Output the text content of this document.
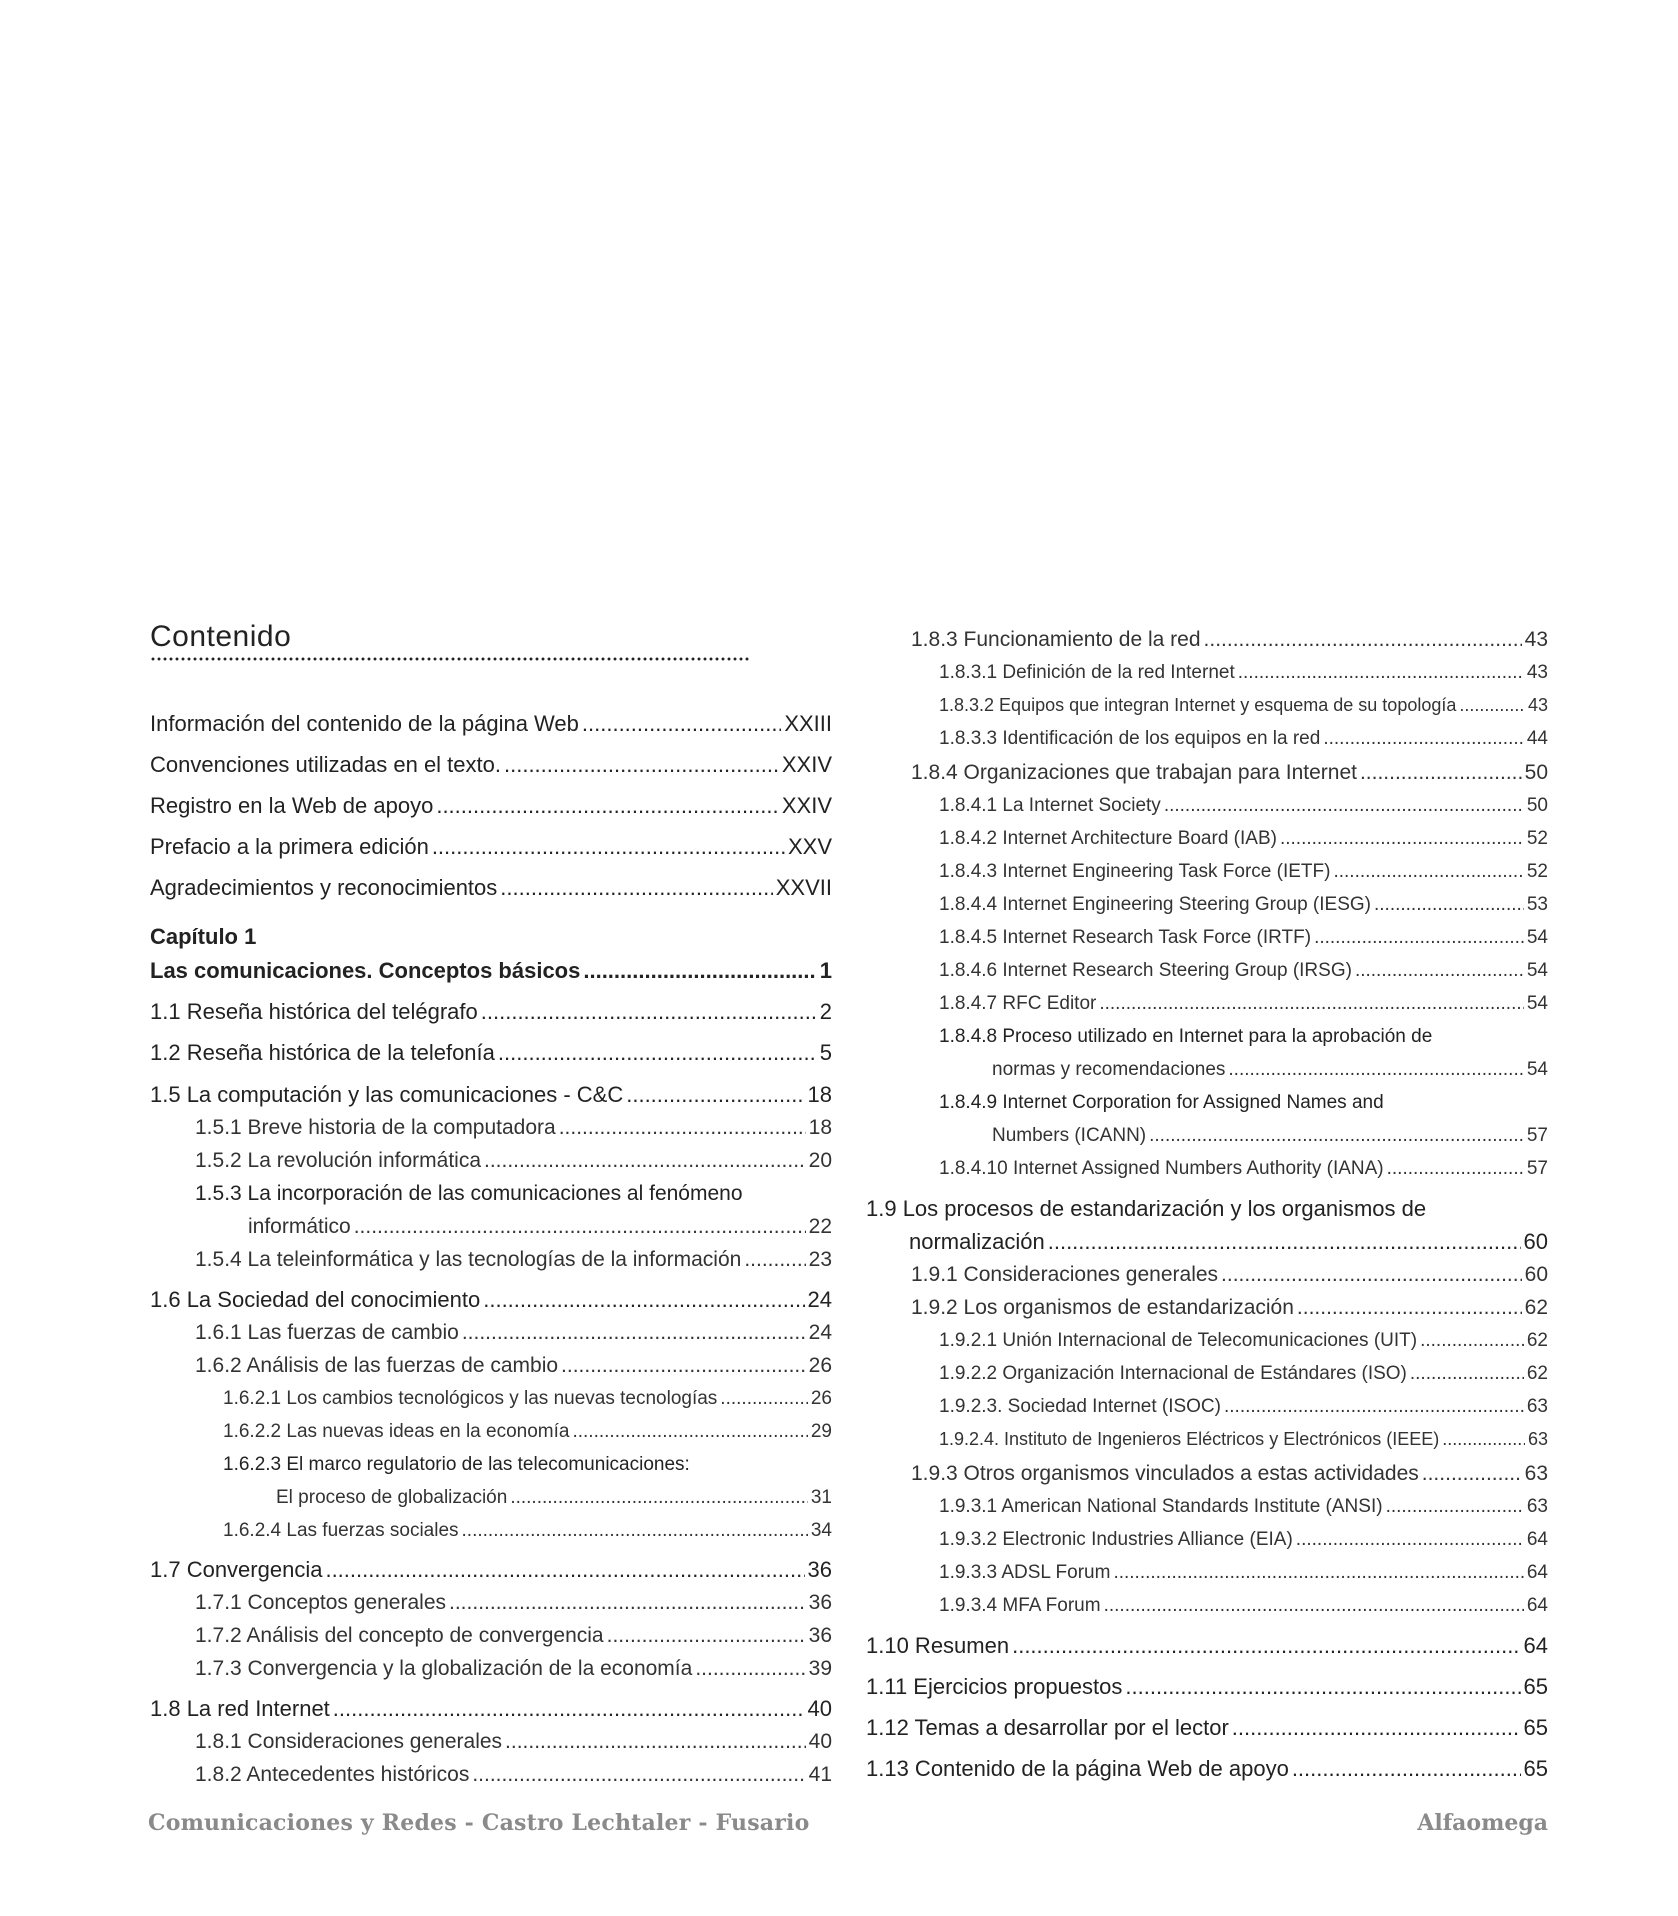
Contenido
Información del contenido de la página Web .....	XXIII
Convenciones utilizadas en el texto. .....	XXIV
Registro en la Web de apoyo .....	XXIV
Prefacio a la primera edición .....	XXV
Agradecimientos y reconocimientos .....	XXVII
Capítulo 1
Las comunicaciones. Conceptos básicos .....	1
1.1 Reseña histórica del telégrafo .....	2
1.2 Reseña histórica de la telefonía .....	5
1.5 La computación y las comunicaciones - C&C .....	18
1.5.1 Breve historia de la computadora .....	18
1.5.2 La revolución informática .....	20
1.5.3 La incorporación de las comunicaciones al fenómeno
informático .....	22
1.5.4 La teleinformática y las tecnologías de la información .....	23
1.6 La Sociedad del conocimiento .....	24
1.6.1 Las fuerzas de cambio .....	24
1.6.2 Análisis de las fuerzas de cambio .....	26
1.6.2.1 Los cambios tecnológicos y las nuevas tecnologías .....	26
1.6.2.2 Las nuevas ideas en la economía .....	29
1.6.2.3 El marco regulatorio de las telecomunicaciones:
El proceso de globalización .....	31
1.6.2.4 Las fuerzas sociales .....	34
1.7 Convergencia .....	36
1.7.1 Conceptos generales .....	36
1.7.2 Análisis del concepto de convergencia .....	36
1.7.3 Convergencia y la globalización de la economía .....	39
1.8 La red Internet .....	40
1.8.1 Consideraciones generales .....	40
1.8.2 Antecedentes históricos .....	41
1.8.3 Funcionamiento de la red .....	43
1.8.3.1 Definición de la red Internet .....	43
1.8.3.2 Equipos que integran Internet y esquema de su topología .....	43
1.8.3.3 Identificación de los equipos en la red .....	44
1.8.4 Organizaciones que trabajan para Internet .....	50
1.8.4.1 La Internet Society .....	50
1.8.4.2 Internet Architecture Board (IAB) .....	52
1.8.4.3 Internet Engineering Task Force (IETF) .....	52
1.8.4.4 Internet Engineering Steering Group (IESG) .....	53
1.8.4.5 Internet Research Task Force (IRTF) .....	54
1.8.4.6 Internet Research Steering Group (IRSG) .....	54
1.8.4.7 RFC Editor .....	54
1.8.4.8 Proceso utilizado en Internet para la aprobación de
normas y recomendaciones .....	54
1.8.4.9 Internet Corporation for Assigned Names and
Numbers (ICANN) .....	57
1.8.4.10 Internet Assigned Numbers Authority (IANA) .....	57
1.9 Los procesos de estandarización y los organismos de
normalización .....	60
1.9.1 Consideraciones generales .....	60
1.9.2 Los organismos de estandarización .....	62
1.9.2.1 Unión Internacional de Telecomunicaciones (UIT) .....	62
1.9.2.2 Organización Internacional de Estándares (ISO) .....	62
1.9.2.3. Sociedad Internet (ISOC) .....	63
1.9.2.4. Instituto de Ingenieros Eléctricos y Electrónicos (IEEE) .....	63
1.9.3 Otros organismos vinculados a estas actividades .....	63
1.9.3.1 American National Standards Institute (ANSI) .....	63
1.9.3.2 Electronic Industries Alliance (EIA) .....	64
1.9.3.3 ADSL Forum .....	64
1.9.3.4 MFA Forum .....	64
1.10 Resumen .....	64
1.11 Ejercicios propuestos .....	65
1.12 Temas a desarrollar por el lector .....	65
1.13 Contenido de la página Web de apoyo .....	65
Comunicaciones y Redes - Castro Lechtaler - Fusario	Alfaomega
